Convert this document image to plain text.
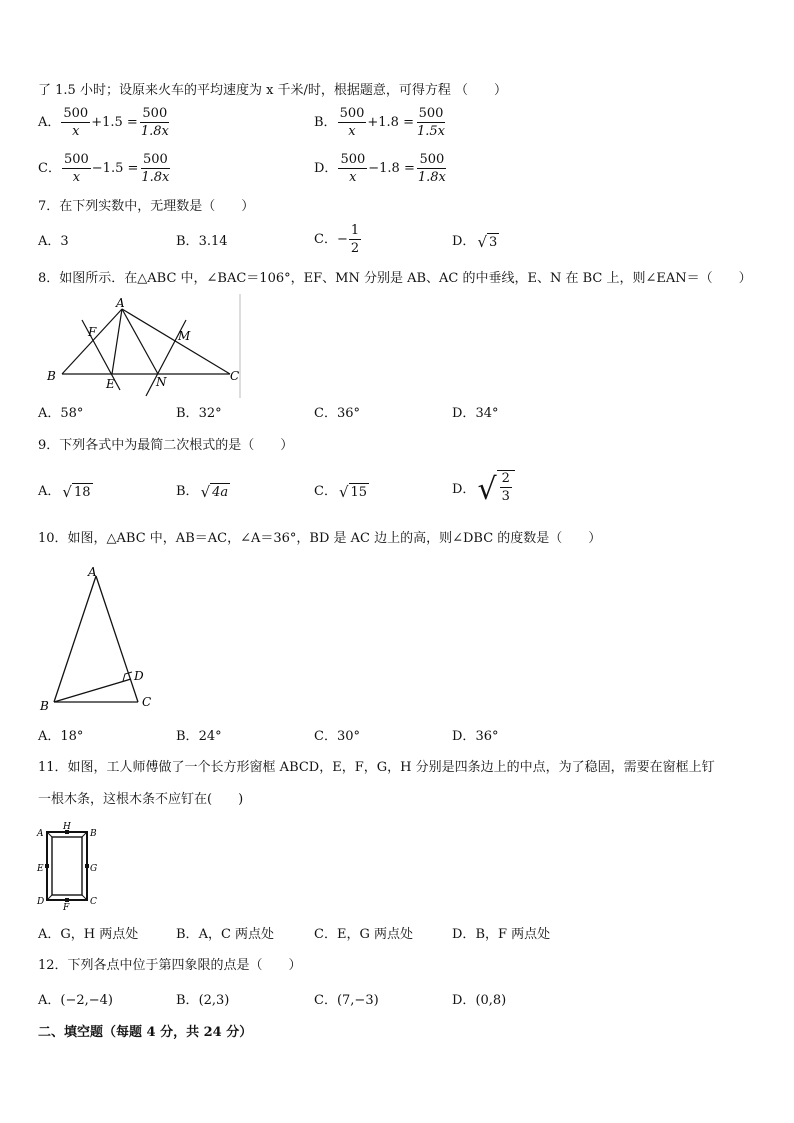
了 1.5 小时；设原来火车的平均速度为 x 千米/时，根据题意，可得方程 （　　）
A． $\frac{500}{x} +1.5 = \frac{500}{1.8x}$	B． $\frac{500}{x} +1.8 = \frac{500}{1.5x}$
C． $\frac{500}{x} -1.5 = \frac{500}{1.8x}$	D． $\frac{500}{x} -1.8 = \frac{500}{1.8x}$
7．在下列实数中，无理数是（　　）
A． 3	B． 3.14	C． − $\frac{1}{2}$	D． √ 3
8．如图所示．在△ABC 中，∠BAC＝106°，EF、MN 分别是 AB、AC 的中垂线，E、N 在 BC 上，则∠EAN＝（　　）
A
B	C
E
F	M
N
A． 58°	B． 32°	C． 36°	D． 34°
9．下列各式中为最简二次根式的是（　　）
A． √ 18	B． √ 4a	C． √ 15	D． √ $\frac{2}{3}$
10．如图，△ABC 中，AB＝AC，∠A＝36°，BD 是 AC 边上的高，则∠DBC 的度数是（　　）
A
B	C
D
A． 18°	B． 24°	C． 30°	D． 36°
11．如图，工人师傅做了一个长方形窗框 ABCD，E，F，G，H 分别是四条边上的中点，为了稳固，需要在窗框上钉
一根木条，这根木条不应钉在(　　)
A	B
C
D
E
F
G
H
A． G，H 两点处	B． A，C 两点处	C． E，G 两点处	D． B，F 两点处
12．下列各点中位于第四象限的点是（　　）
A． (−2,−4)	B． (2,3)	C． (7,−3)	D． (0,8)
二、填空题（每题 4 分，共 24 分）
